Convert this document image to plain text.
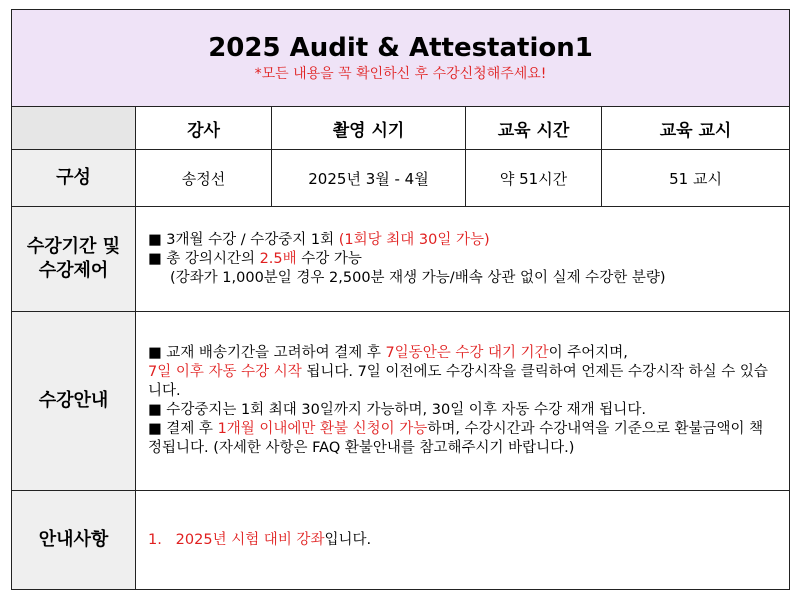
2025 Audit & Attestation1
*모든 내용을 꼭 확인하신 후 수강신청해주세요!				

	강사	촬영 시기	교육 시간	교육 교시
구성	송정선	2025년 3월 - 4월	약 51시간	51 교시
수강기간 및 수강제어	■ 3개월 수강 / 수강중지 1회 (1회당 최대 30일 가능)
■ 총 강의시간의 2.5배 수강 가능
(강좌가 1,000분일 경우 2,500분 재생 가능/배속 상관 없이 실제 수강한 분량)			

수강안내	■ 교재 배송기간을 고려하여 결제 후 7일동안은 수강 대기 기간이 주어지며,
7일 이후 자동 수강 시작 됩니다. 7일 이전에도 수강시작을 클릭하여 언제든 수강시작 하실 수 있습니다.
■ 수강중지는 1회 최대 30일까지 가능하며, 30일 이후 자동 수강 재개 됩니다.
■ 결제 후 1개월 이내에만 환불 신청이 가능하며, 수강시간과 수강내역을 기준으로 환불금액이 책정됩니다. (자세한 사항은 FAQ 환불안내를 참고해주시기 바랍니다.)			

안내사항	1. 2025년 시험 대비 강좌입니다.			
